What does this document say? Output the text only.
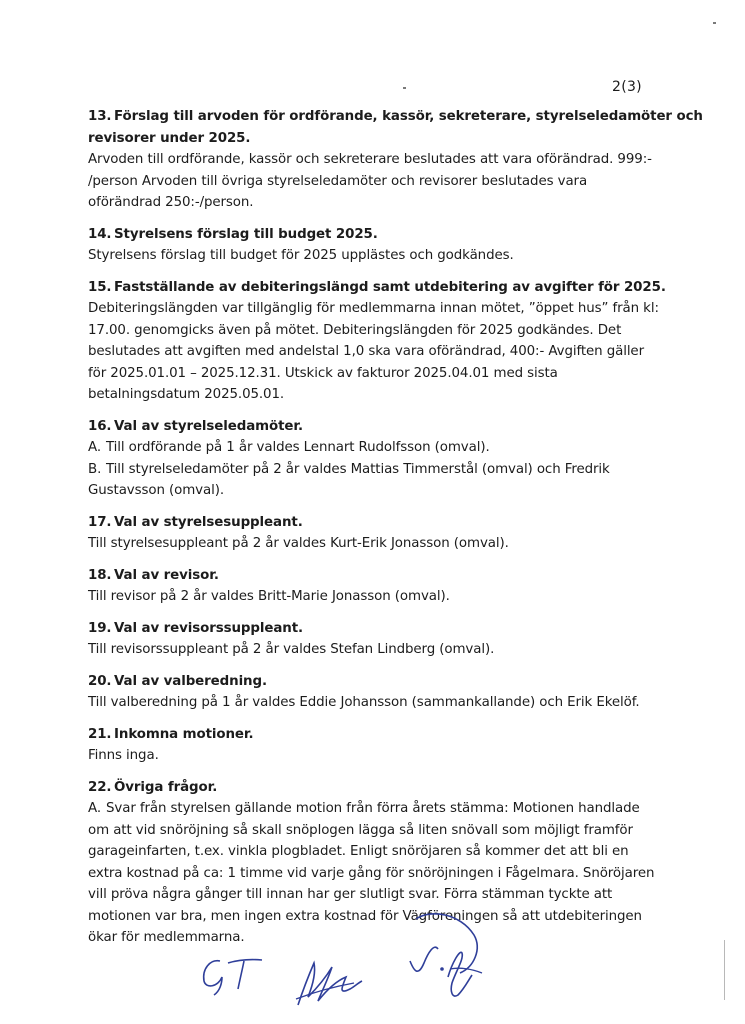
2(3)
13. Förslag till arvoden för ordförande, kassör, sekreterare, styrelseledamöter och
revisorer under 2025.
Arvoden till ordförande, kassör och sekreterare beslutades att vara oförändrad. 999:-
/person Arvoden till övriga styrelseledamöter och revisorer beslutades vara
oförändrad 250:-/person.
14. Styrelsens förslag till budget 2025.
Styrelsens förslag till budget för 2025 upplästes och godkändes.
15. Fastställande av debiteringslängd samt utdebitering av avgifter för 2025.
Debiteringslängden var tillgänglig för medlemmarna innan mötet, ”öppet hus” från kl:
17.00. genomgicks även på mötet. Debiteringslängden för 2025 godkändes. Det
beslutades att avgiften med andelstal 1,0 ska vara oförändrad, 400:- Avgiften gäller
för 2025.01.01 – 2025.12.31. Utskick av fakturor 2025.04.01 med sista
betalningsdatum 2025.05.01.
16. Val av styrelseledamöter.
A. Till ordförande på 1 år valdes Lennart Rudolfsson (omval).
B. Till styrelseledamöter på 2 år valdes Mattias Timmerstål (omval) och Fredrik
Gustavsson (omval).
17. Val av styrelsesuppleant.
Till styrelsesuppleant på 2 år valdes Kurt-Erik Jonasson (omval).
18. Val av revisor.
Till revisor på 2 år valdes Britt-Marie Jonasson (omval).
19. Val av revisorssuppleant.
Till revisorssuppleant på 2 år valdes Stefan Lindberg (omval).
20. Val av valberedning.
Till valberedning på 1 år valdes Eddie Johansson (sammankallande) och Erik Ekelöf.
21. Inkomna motioner.
Finns inga.
22. Övriga frågor.
A. Svar från styrelsen gällande motion från förra årets stämma: Motionen handlade
om att vid snöröjning så skall snöplogen lägga så liten snövall som möjligt framför
garageinfarten, t.ex. vinkla plogbladet. Enligt snöröjaren så kommer det att bli en
extra kostnad på ca: 1 timme vid varje gång för snöröjningen i Fågelmara. Snöröjaren
vill pröva några gånger till innan har ger slutligt svar. Förra stämman tyckte att
motionen var bra, men ingen extra kostnad för Vägföreningen så att utdebiteringen
ökar för medlemmarna.
